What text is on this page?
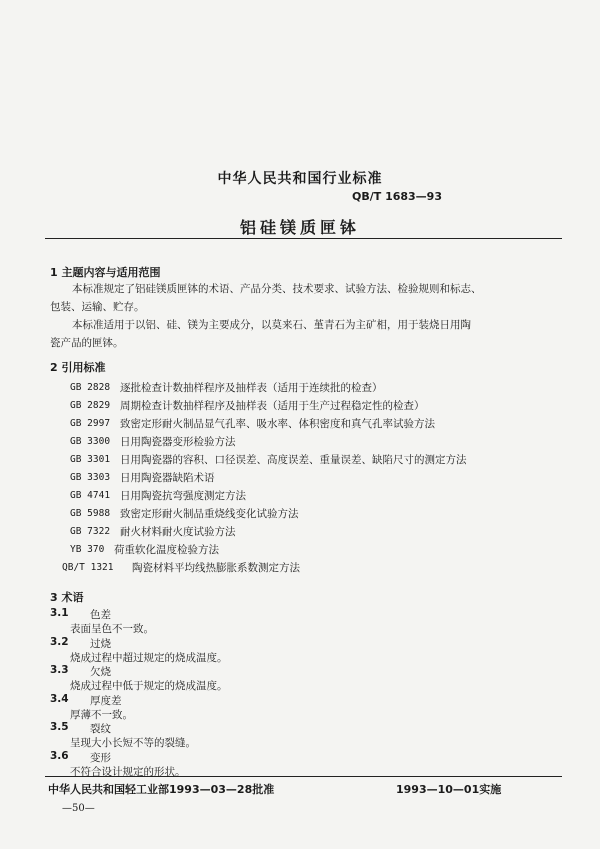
中华人民共和国行业标准
QB/T 1683—93
铝硅镁质匣钵
1 主题内容与适用范围
本标准规定了铝硅镁质匣钵的术语、产品分类、技术要求、试验方法、检验规则和标志、
包装、运输、贮存。
本标准适用于以铝、硅、镁为主要成分，以莫来石、堇青石为主矿相，用于装烧日用陶
瓷产品的匣钵。
2 引用标准
GB 2828 逐批检查计数抽样程序及抽样表（适用于连续批的检查）
GB 2829 周期检查计数抽样程序及抽样表（适用于生产过程稳定性的检查）
GB 2997 致密定形耐火制品显气孔率、吸水率、体积密度和真气孔率试验方法
GB 3300 日用陶瓷器变形检验方法
GB 3301 日用陶瓷器的容积、口径误差、高度误差、重量误差、缺陷尺寸的测定方法
GB 3303 日用陶瓷器缺陷术语
GB 4741 日用陶瓷抗弯强度测定方法
GB 5988 致密定形耐火制品重烧线变化试验方法
GB 7322 耐火材料耐火度试验方法
YB 370 荷重软化温度检验方法
QB/T 1321 陶瓷材料平均线热膨胀系数测定方法
3 术语
中华人民共和国轻工业部1993—03—28批准	1993—10—01实施
—50—
3.1 色差
表面呈色不一致。
3.2 过烧
烧成过程中超过规定的烧成温度。
3.3 欠烧
烧成过程中低于规定的烧成温度。
3.4 厚度差
厚薄不一致。
3.5 裂纹
呈现大小长短不等的裂缝。
3.6 变形
不符合设计规定的形状。
